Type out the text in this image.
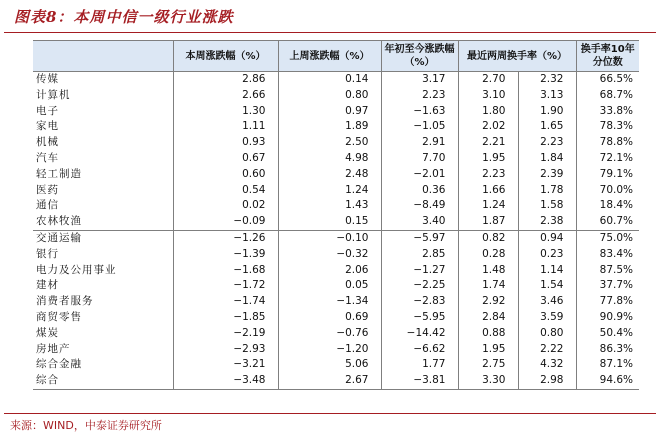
图表8：本周中信一级行业涨跌
	本周涨跌幅（%）	上周涨跌幅（%）	年初至今涨跌幅（%）	最近两周换手率（%）		换手率10年分位数
传媒	2.86	0.14	3.17	2.70	2.32	66.5%
计算机	2.66	0.80	2.23	3.10	3.13	68.7%
电子	1.30	0.97	−1.63	1.80	1.90	33.8%
家电	1.11	1.89	−1.05	2.02	1.65	78.3%
机械	0.93	2.50	2.91	2.21	2.23	78.8%
汽车	0.67	4.98	7.70	1.95	1.84	72.1%
轻工制造	0.60	2.48	−2.01	2.23	2.39	79.1%
医药	0.54	1.24	0.36	1.66	1.78	70.0%
通信	0.02	1.43	−8.49	1.24	1.58	18.4%
农林牧渔	−0.09	0.15	3.40	1.87	2.38	60.7%
交通运输	−1.26	−0.10	−5.97	0.82	0.94	75.0%
银行	−1.39	−0.32	2.85	0.28	0.23	83.4%
电力及公用事业	−1.68	2.06	−1.27	1.48	1.14	87.5%
建材	−1.72	0.05	−2.25	1.74	1.54	37.7%
消费者服务	−1.74	−1.34	−2.83	2.92	3.46	77.8%
商贸零售	−1.85	0.69	−5.95	2.84	3.59	90.9%
煤炭	−2.19	−0.76	−14.42	0.88	0.80	50.4%
房地产	−2.93	−1.20	−6.62	1.95	2.22	86.3%
综合金融	−3.21	5.06	1.77	2.75	4.32	87.1%
综合	−3.48	2.67	−3.81	3.30	2.98	94.6%
来源：WIND，中泰证券研究所
